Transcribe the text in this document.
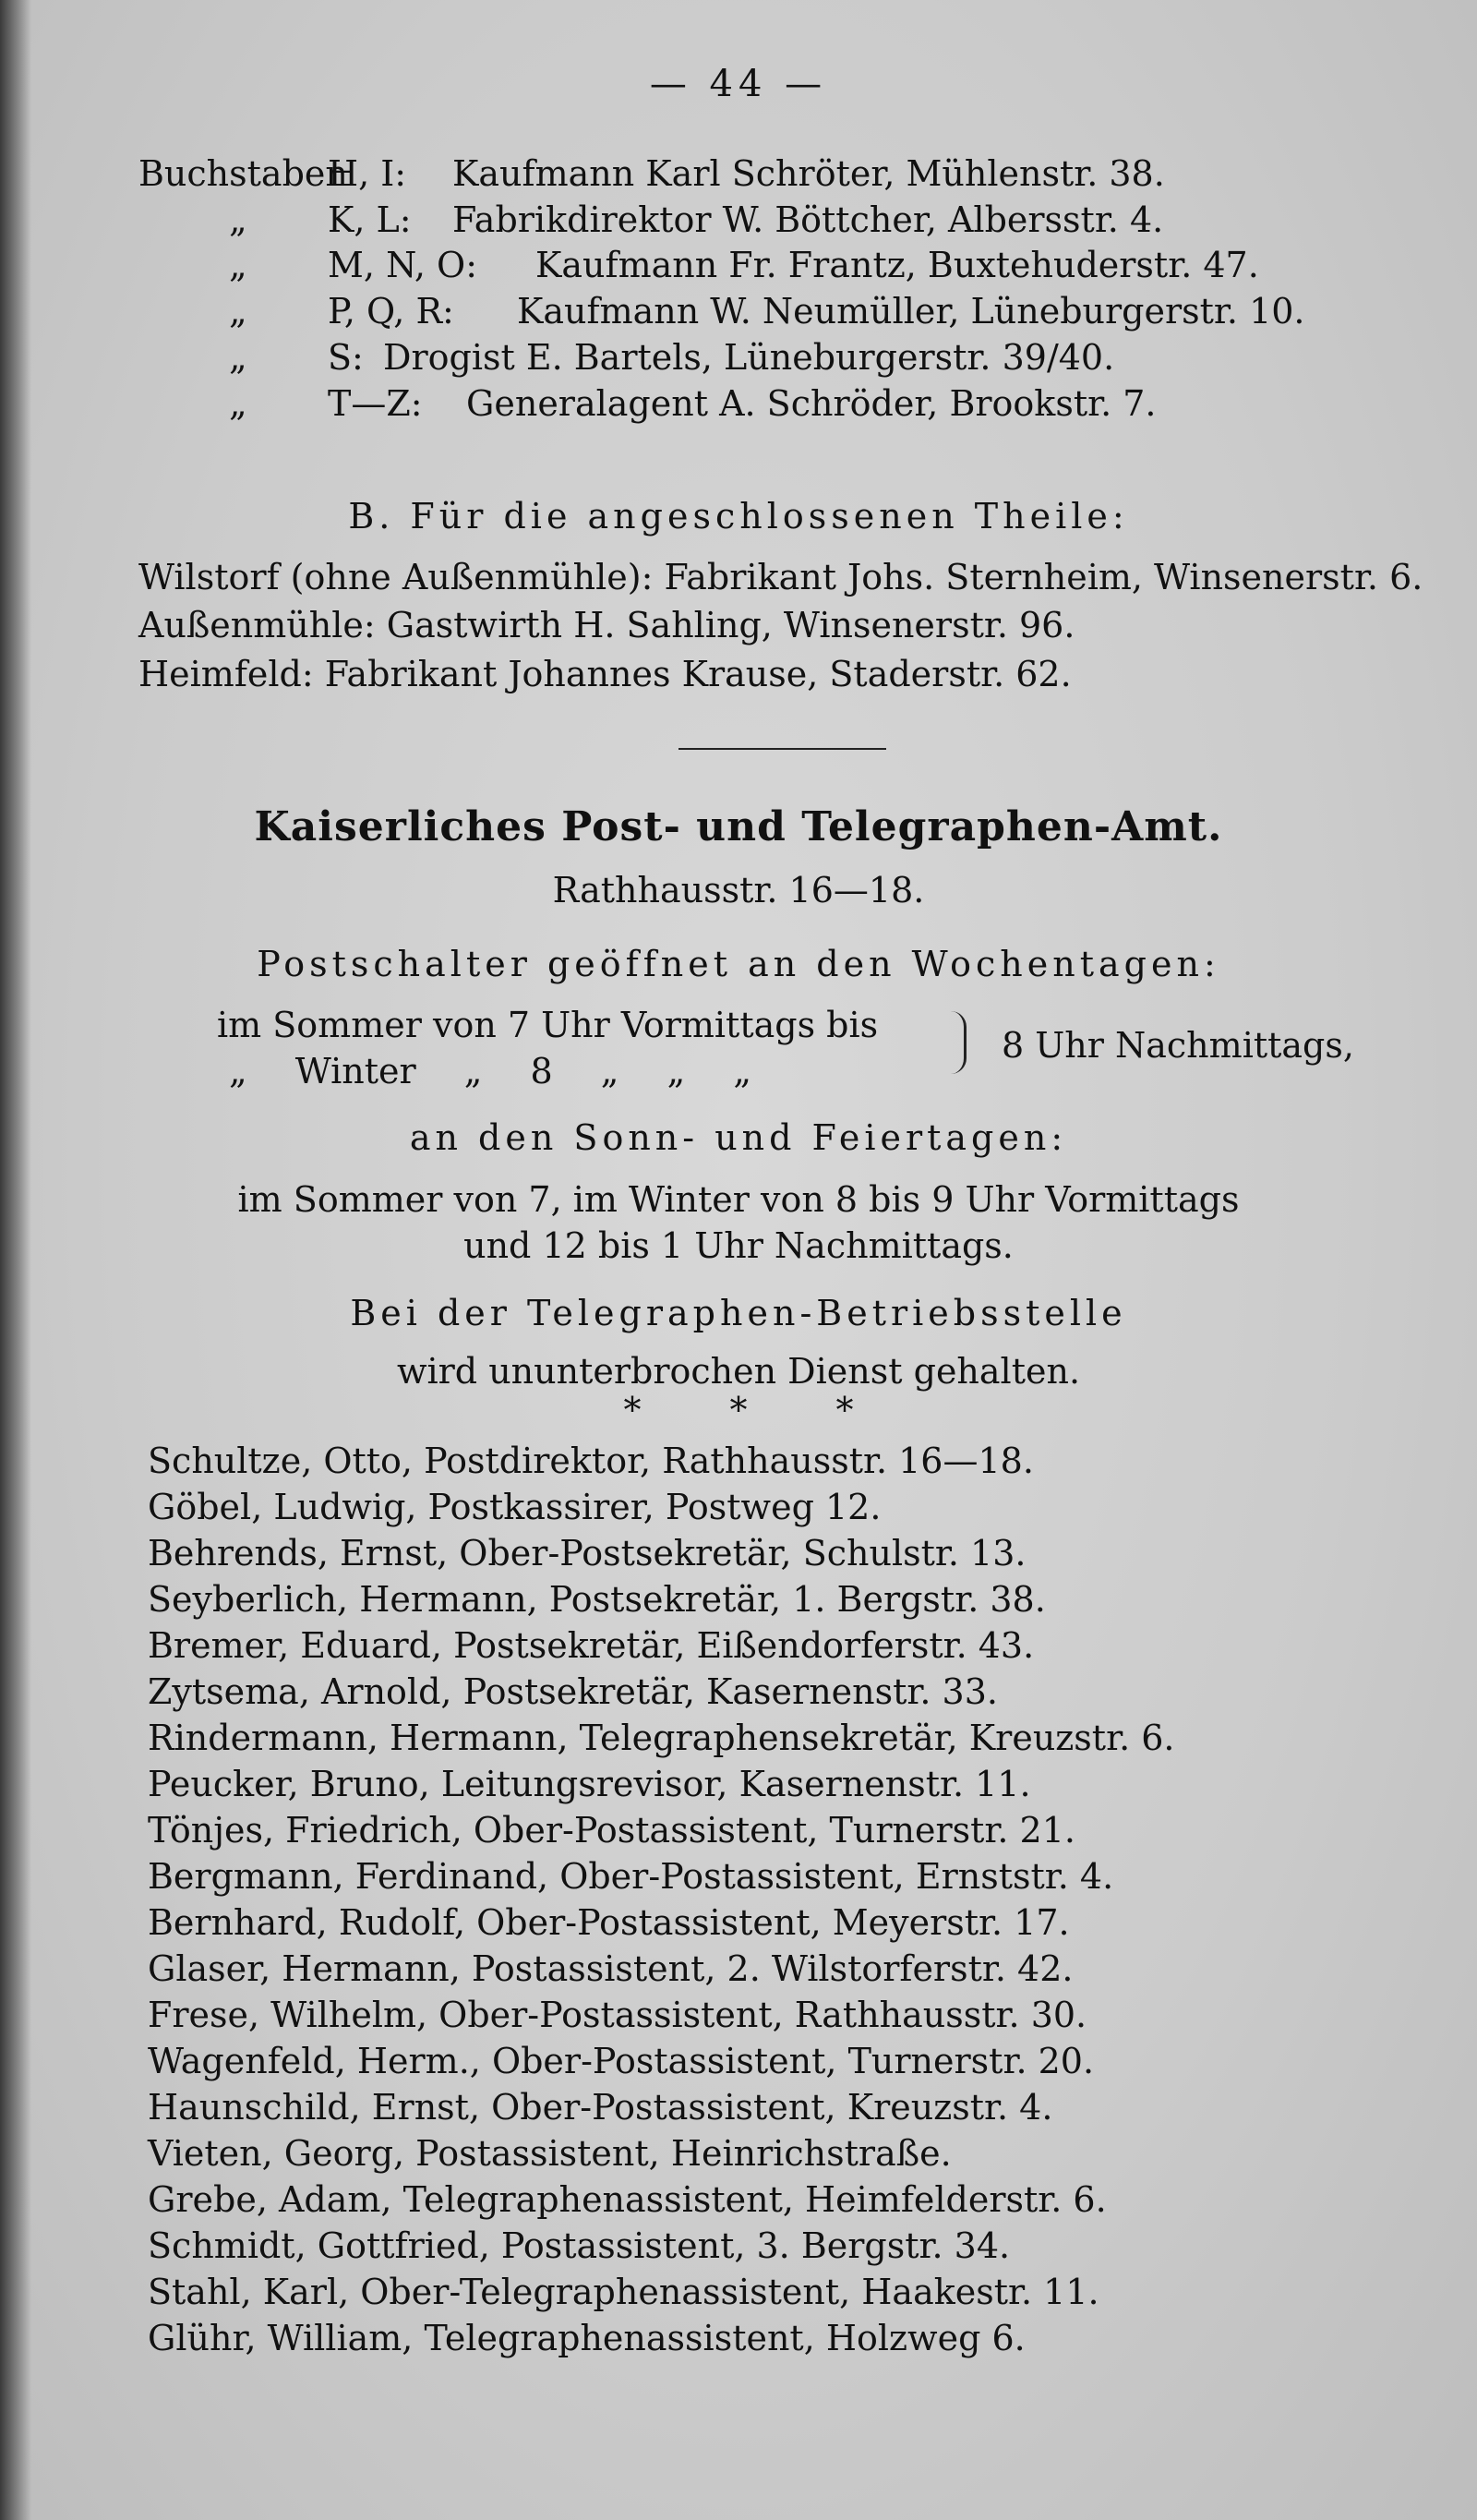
— 44 —
Buchstaben
H, I: Kaufmann Karl Schröter, Mühlenstr. 38.
„ K, L: Fabrikdirektor W. Böttcher, Albersstr. 4.
„ M, N, O: Kaufmann Fr. Frantz, Buxtehuderstr. 47.
„ P, Q, R: Kaufmann W. Neumüller, Lüneburgerstr. 10.
„ S: Drogist E. Bartels, Lüneburgerstr. 39/40.
„ T—Z: Generalagent A. Schröder, Brookstr. 7.
B. Für die angeschlossenen Theile:
Wilstorf (ohne Außenmühle): Fabrikant Johs. Sternheim, Winsenerstr. 6.
Außenmühle: Gastwirth H. Sahling, Winsenerstr. 96.
Heimfeld: Fabrikant Johannes Krause, Staderstr. 62.
Kaiserliches Post- und Telegraphen-Amt.
Rathhausstr. 16—18.
Postschalter geöffnet an den Wochentagen:
im Sommer von 7 Uhr Vormittags bis
„ Winter „ 8 „ „ „
8 Uhr Nachmittags,
an den Sonn- und Feiertagen:
im Sommer von 7, im Winter von 8 bis 9 Uhr Vormittags
und 12 bis 1 Uhr Nachmittags.
Bei der Telegraphen-Betriebsstelle
wird ununterbrochen Dienst gehalten.
*	*	*
Schultze, Otto, Postdirektor, Rathhausstr. 16—18.
Göbel, Ludwig, Postkassirer, Postweg 12.
Behrends, Ernst, Ober-Postsekretär, Schulstr. 13.
Seyberlich, Hermann, Postsekretär, 1. Bergstr. 38.
Bremer, Eduard, Postsekretär, Eißendorferstr. 43.
Zytsema, Arnold, Postsekretär, Kasernenstr. 33.
Rindermann, Hermann, Telegraphensekretär, Kreuzstr. 6.
Peucker, Bruno, Leitungsrevisor, Kasernenstr. 11.
Tönjes, Friedrich, Ober-Postassistent, Turnerstr. 21.
Bergmann, Ferdinand, Ober-Postassistent, Ernststr. 4.
Bernhard, Rudolf, Ober-Postassistent, Meyerstr. 17.
Glaser, Hermann, Postassistent, 2. Wilstorferstr. 42.
Frese, Wilhelm, Ober-Postassistent, Rathhausstr. 30.
Wagenfeld, Herm., Ober-Postassistent, Turnerstr. 20.
Haunschild, Ernst, Ober-Postassistent, Kreuzstr. 4.
Vieten, Georg, Postassistent, Heinrichstraße.
Grebe, Adam, Telegraphenassistent, Heimfelderstr. 6.
Schmidt, Gottfried, Postassistent, 3. Bergstr. 34.
Stahl, Karl, Ober-Telegraphenassistent, Haakestr. 11.
Glühr, William, Telegraphenassistent, Holzweg 6.
